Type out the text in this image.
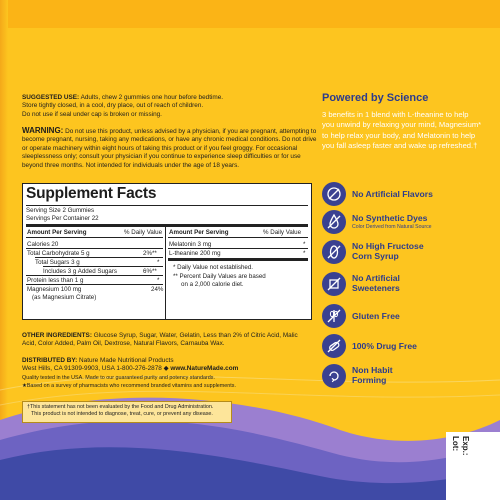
SUGGESTED USE: Adults, chew 2 gummies one hour before bedtime.
Store tightly closed, in a cool, dry place, out of reach of children.
Do not use if seal under cap is broken or missing.
WARNING: Do not use this product, unless advised by a physician, if you are pregnant, attempting to
become pregnant, nursing, taking any medications, or have any chronic medical conditions. Do not drive
or operate machinery within eight hours of taking this product or if you feel groggy. For occasional
sleeplessness only; consult your physician if you continue to experience sleep difficulties or for use
beyond three months. Not intended for individuals under the age of 18 years.
Supplement Facts
Serving Size 2 Gummies
Servings Per Container 22
Amount Per Serving	% Daily Value
Calories 20
Total Carbohydrate 5 g	2%**
Total Sugars 3 g	*
Includes 3 g Added Sugars	6%**
Protein less than 1 g	*
Magnesium 100 mg	24%
(as Magnesium Citrate)
Amount Per Serving	% Daily Value
Melatonin 3 mg	*
L-theanine 200 mg	*
* Daily Value not established.
** Percent Daily Values are based
on a 2,000 calorie diet.
OTHER INGREDIENTS: Glucose Syrup, Sugar, Water, Gelatin, Less than 2% of Citric Acid, Malic
Acid, Color Added, Palm Oil, Dextrose, Natural Flavors, Carnauba Wax.
DISTRIBUTED BY: Nature Made Nutritional Products
West Hills, CA 91309-9903, USA 1-800-276-2878 ◆ www.NatureMade.com
Quality tested in the USA. Made to our guaranteed purity and potency standards.
★Based on a survey of pharmacists who recommend branded vitamins and supplements.
†This statement has not been evaluated by the Food and Drug Administration.
This product is not intended to diagnose, treat, cure, or prevent any disease.
Powered by Science
3 benefits in 1 blend with L-theanine to help you unwind by relaxing your mind, Magnesium* to help relax your body, and Melatonin to help you fall asleep faster and wake up refreshed.†
No Artificial Flavors
No Synthetic Dyes
Color Derived from Natural Source
No High Fructose
Corn Syrup
No Artificial
Sweeteners
Gluten Free
100% Drug Free
Non Habit
Forming
Lot: Exp.:
